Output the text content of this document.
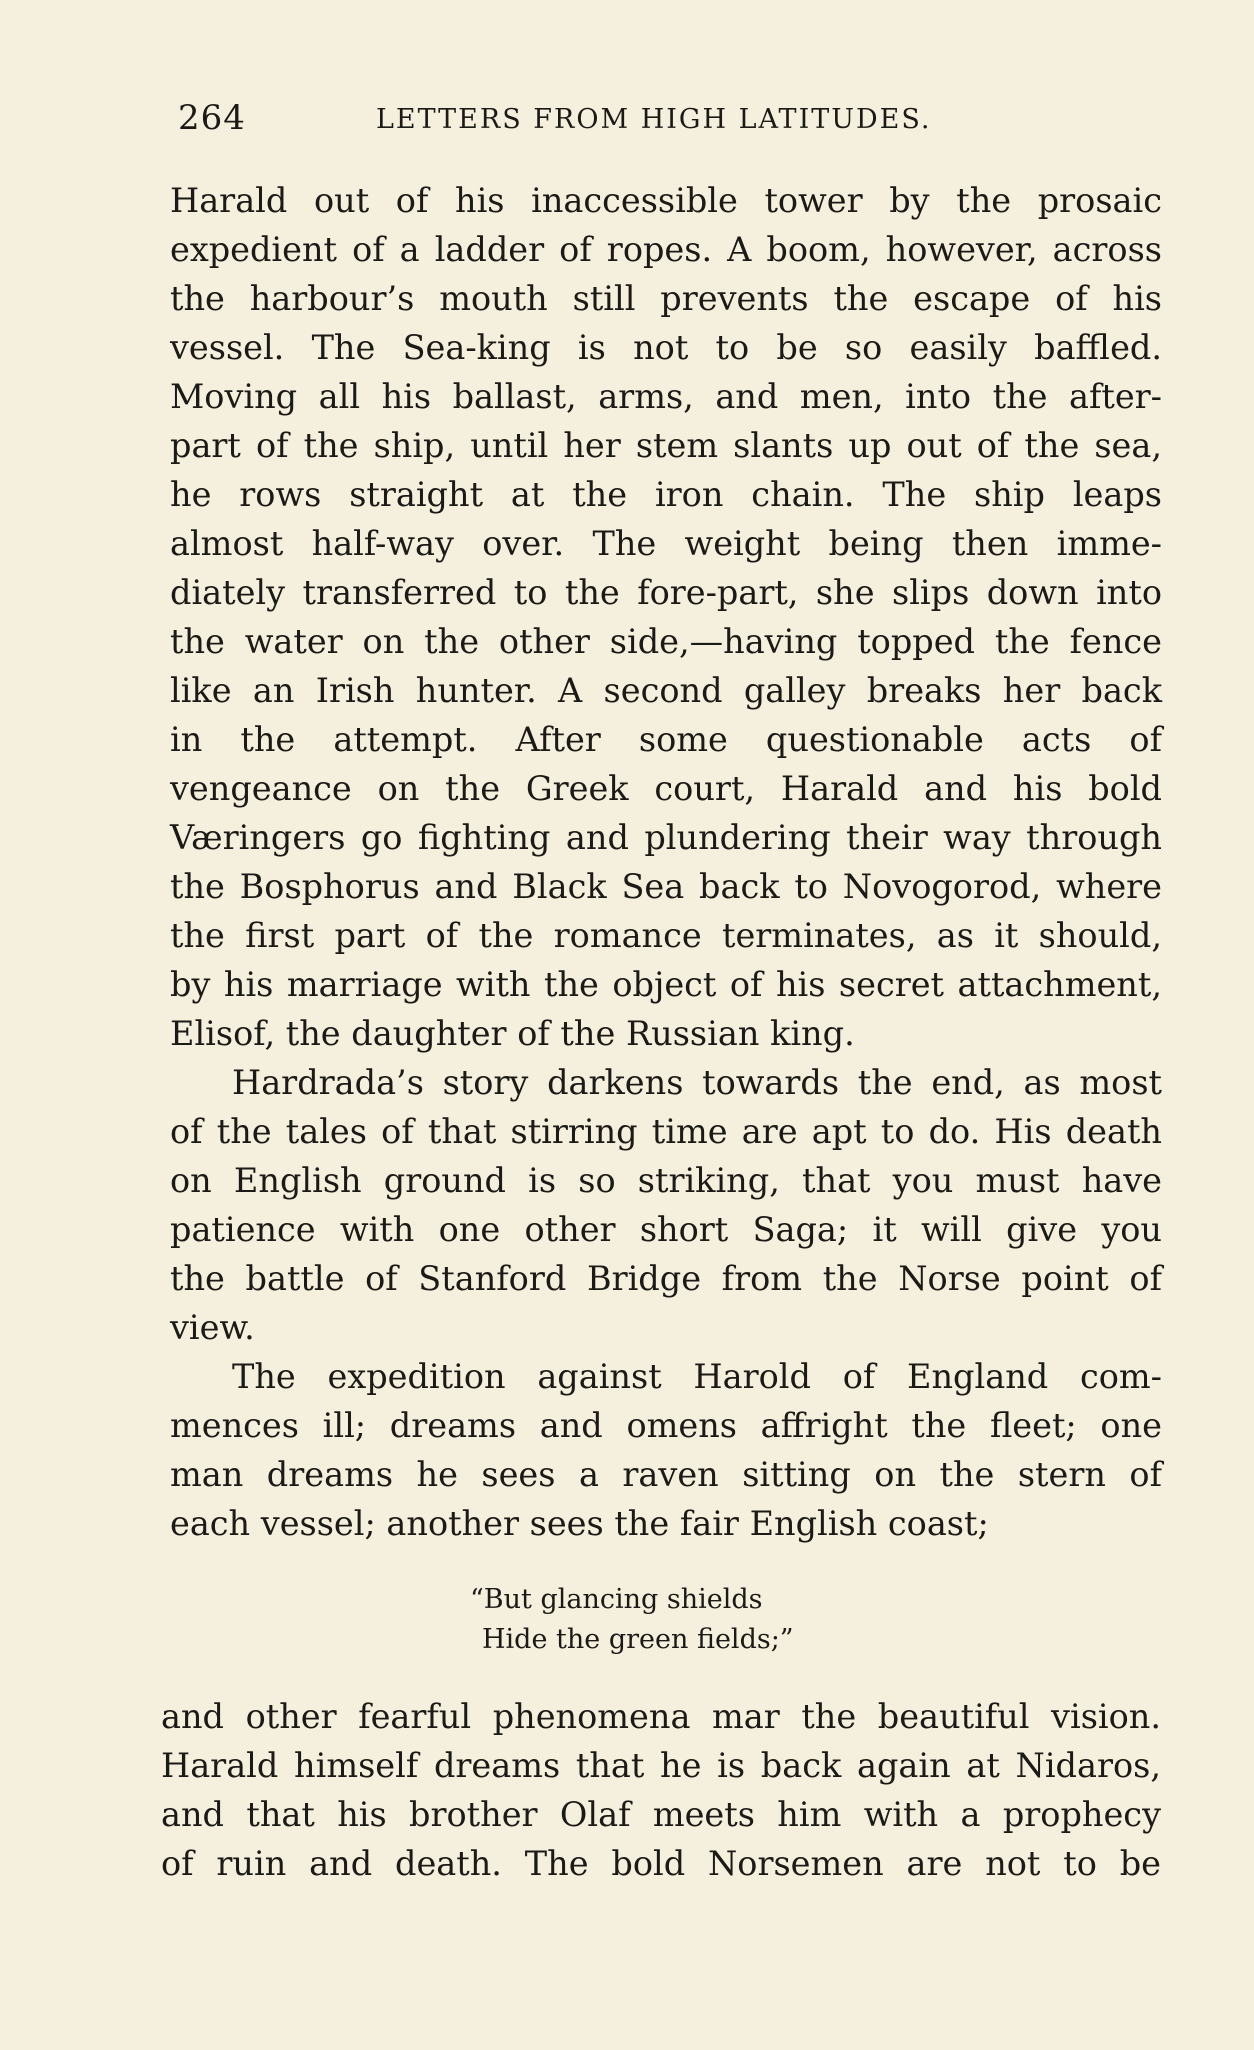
264	LETTERS FROM HIGH LATITUDES.
Harald out of his inaccessible tower by the prosaic
expedient of a ladder of ropes. A boom, however, across
the harbour’s mouth still prevents the escape of his
vessel. The Sea-king is not to be so easily baffled.
Moving all his ballast, arms, and men, into the after-
part of the ship, until her stem slants up out of the sea,
he rows straight at the iron chain. The ship leaps
almost half-way over. The weight being then imme-
diately transferred to the fore-part, she slips down into
the water on the other side,—having topped the fence
like an Irish hunter. A second galley breaks her back
in the attempt. After some questionable acts of
vengeance on the Greek court, Harald and his bold
Væringers go fighting and plundering their way through
the Bosphorus and Black Sea back to Novogorod, where
the first part of the romance terminates, as it should,
by his marriage with the object of his secret attachment,
Elisof, the daughter of the Russian king.
Hardrada’s story darkens towards the end, as most
of the tales of that stirring time are apt to do. His death
on English ground is so striking, that you must have
patience with one other short Saga; it will give you
the battle of Stanford Bridge from the Norse point of
view.
The expedition against Harold of England com-
mences ill; dreams and omens affright the fleet; one
man dreams he sees a raven sitting on the stern of
each vessel; another sees the fair English coast;
“But glancing shields
Hide the green fields;”
and other fearful phenomena mar the beautiful vision.
Harald himself dreams that he is back again at Nidaros,
and that his brother Olaf meets him with a prophecy
of ruin and death. The bold Norsemen are not to be
